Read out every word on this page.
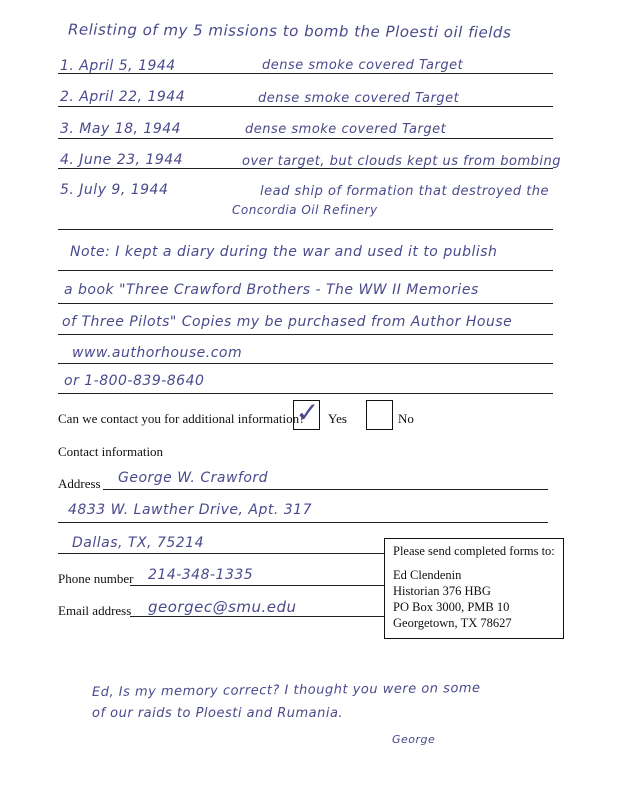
Relisting of my 5 missions to bomb the Ploesti oil fields
1. April 5, 1944	dense smoke covered Target
2. April 22, 1944	dense smoke covered Target
3. May 18, 1944	dense smoke covered Target
4. June 23, 1944	over target, but clouds kept us from bombing
5. July 9, 1944	lead ship of formation that destroyed the
Concordia Oil Refinery
Note: I kept a diary during the war and used it to publish
a book "Three Crawford Brothers - The WW II Memories
of Three Pilots" Copies my be purchased from Author House
www.authorhouse.com
or 1-800-839-8640
Can we contact you for additional information?
✓ Yes	No
Contact information
Address George W. Crawford
4833 W. Lawther Drive, Apt. 317
Dallas, TX, 75214
Phone number 214-348-1335
Email address georgec@smu.edu
Please send completed forms to:
Ed Clendenin
Historian 376 HBG
PO Box 3000, PMB 10
Georgetown, TX 78627
Ed, Is my memory correct? I thought you were on some
of our raids to Ploesti and Rumania.
George
